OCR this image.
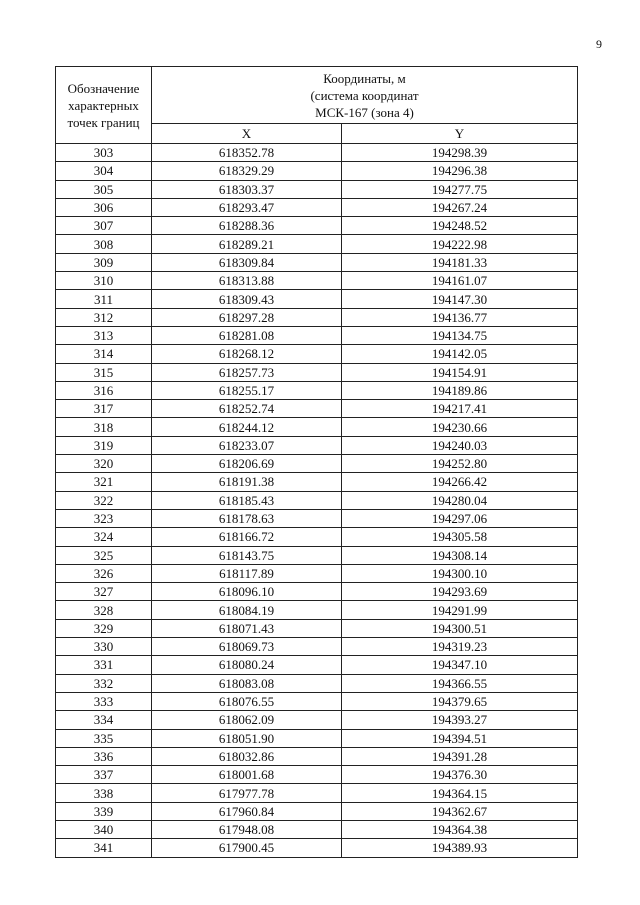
9
Обозначение
характерных
точек границ	Координаты, м
(система координат
МСК-167 (зона 4)	

	X	Y
303	618352.78	194298.39
304	618329.29	194296.38
305	618303.37	194277.75
306	618293.47	194267.24
307	618288.36	194248.52
308	618289.21	194222.98
309	618309.84	194181.33
310	618313.88	194161.07
311	618309.43	194147.30
312	618297.28	194136.77
313	618281.08	194134.75
314	618268.12	194142.05
315	618257.73	194154.91
316	618255.17	194189.86
317	618252.74	194217.41
318	618244.12	194230.66
319	618233.07	194240.03
320	618206.69	194252.80
321	618191.38	194266.42
322	618185.43	194280.04
323	618178.63	194297.06
324	618166.72	194305.58
325	618143.75	194308.14
326	618117.89	194300.10
327	618096.10	194293.69
328	618084.19	194291.99
329	618071.43	194300.51
330	618069.73	194319.23
331	618080.24	194347.10
332	618083.08	194366.55
333	618076.55	194379.65
334	618062.09	194393.27
335	618051.90	194394.51
336	618032.86	194391.28
337	618001.68	194376.30
338	617977.78	194364.15
339	617960.84	194362.67
340	617948.08	194364.38
341	617900.45	194389.93
